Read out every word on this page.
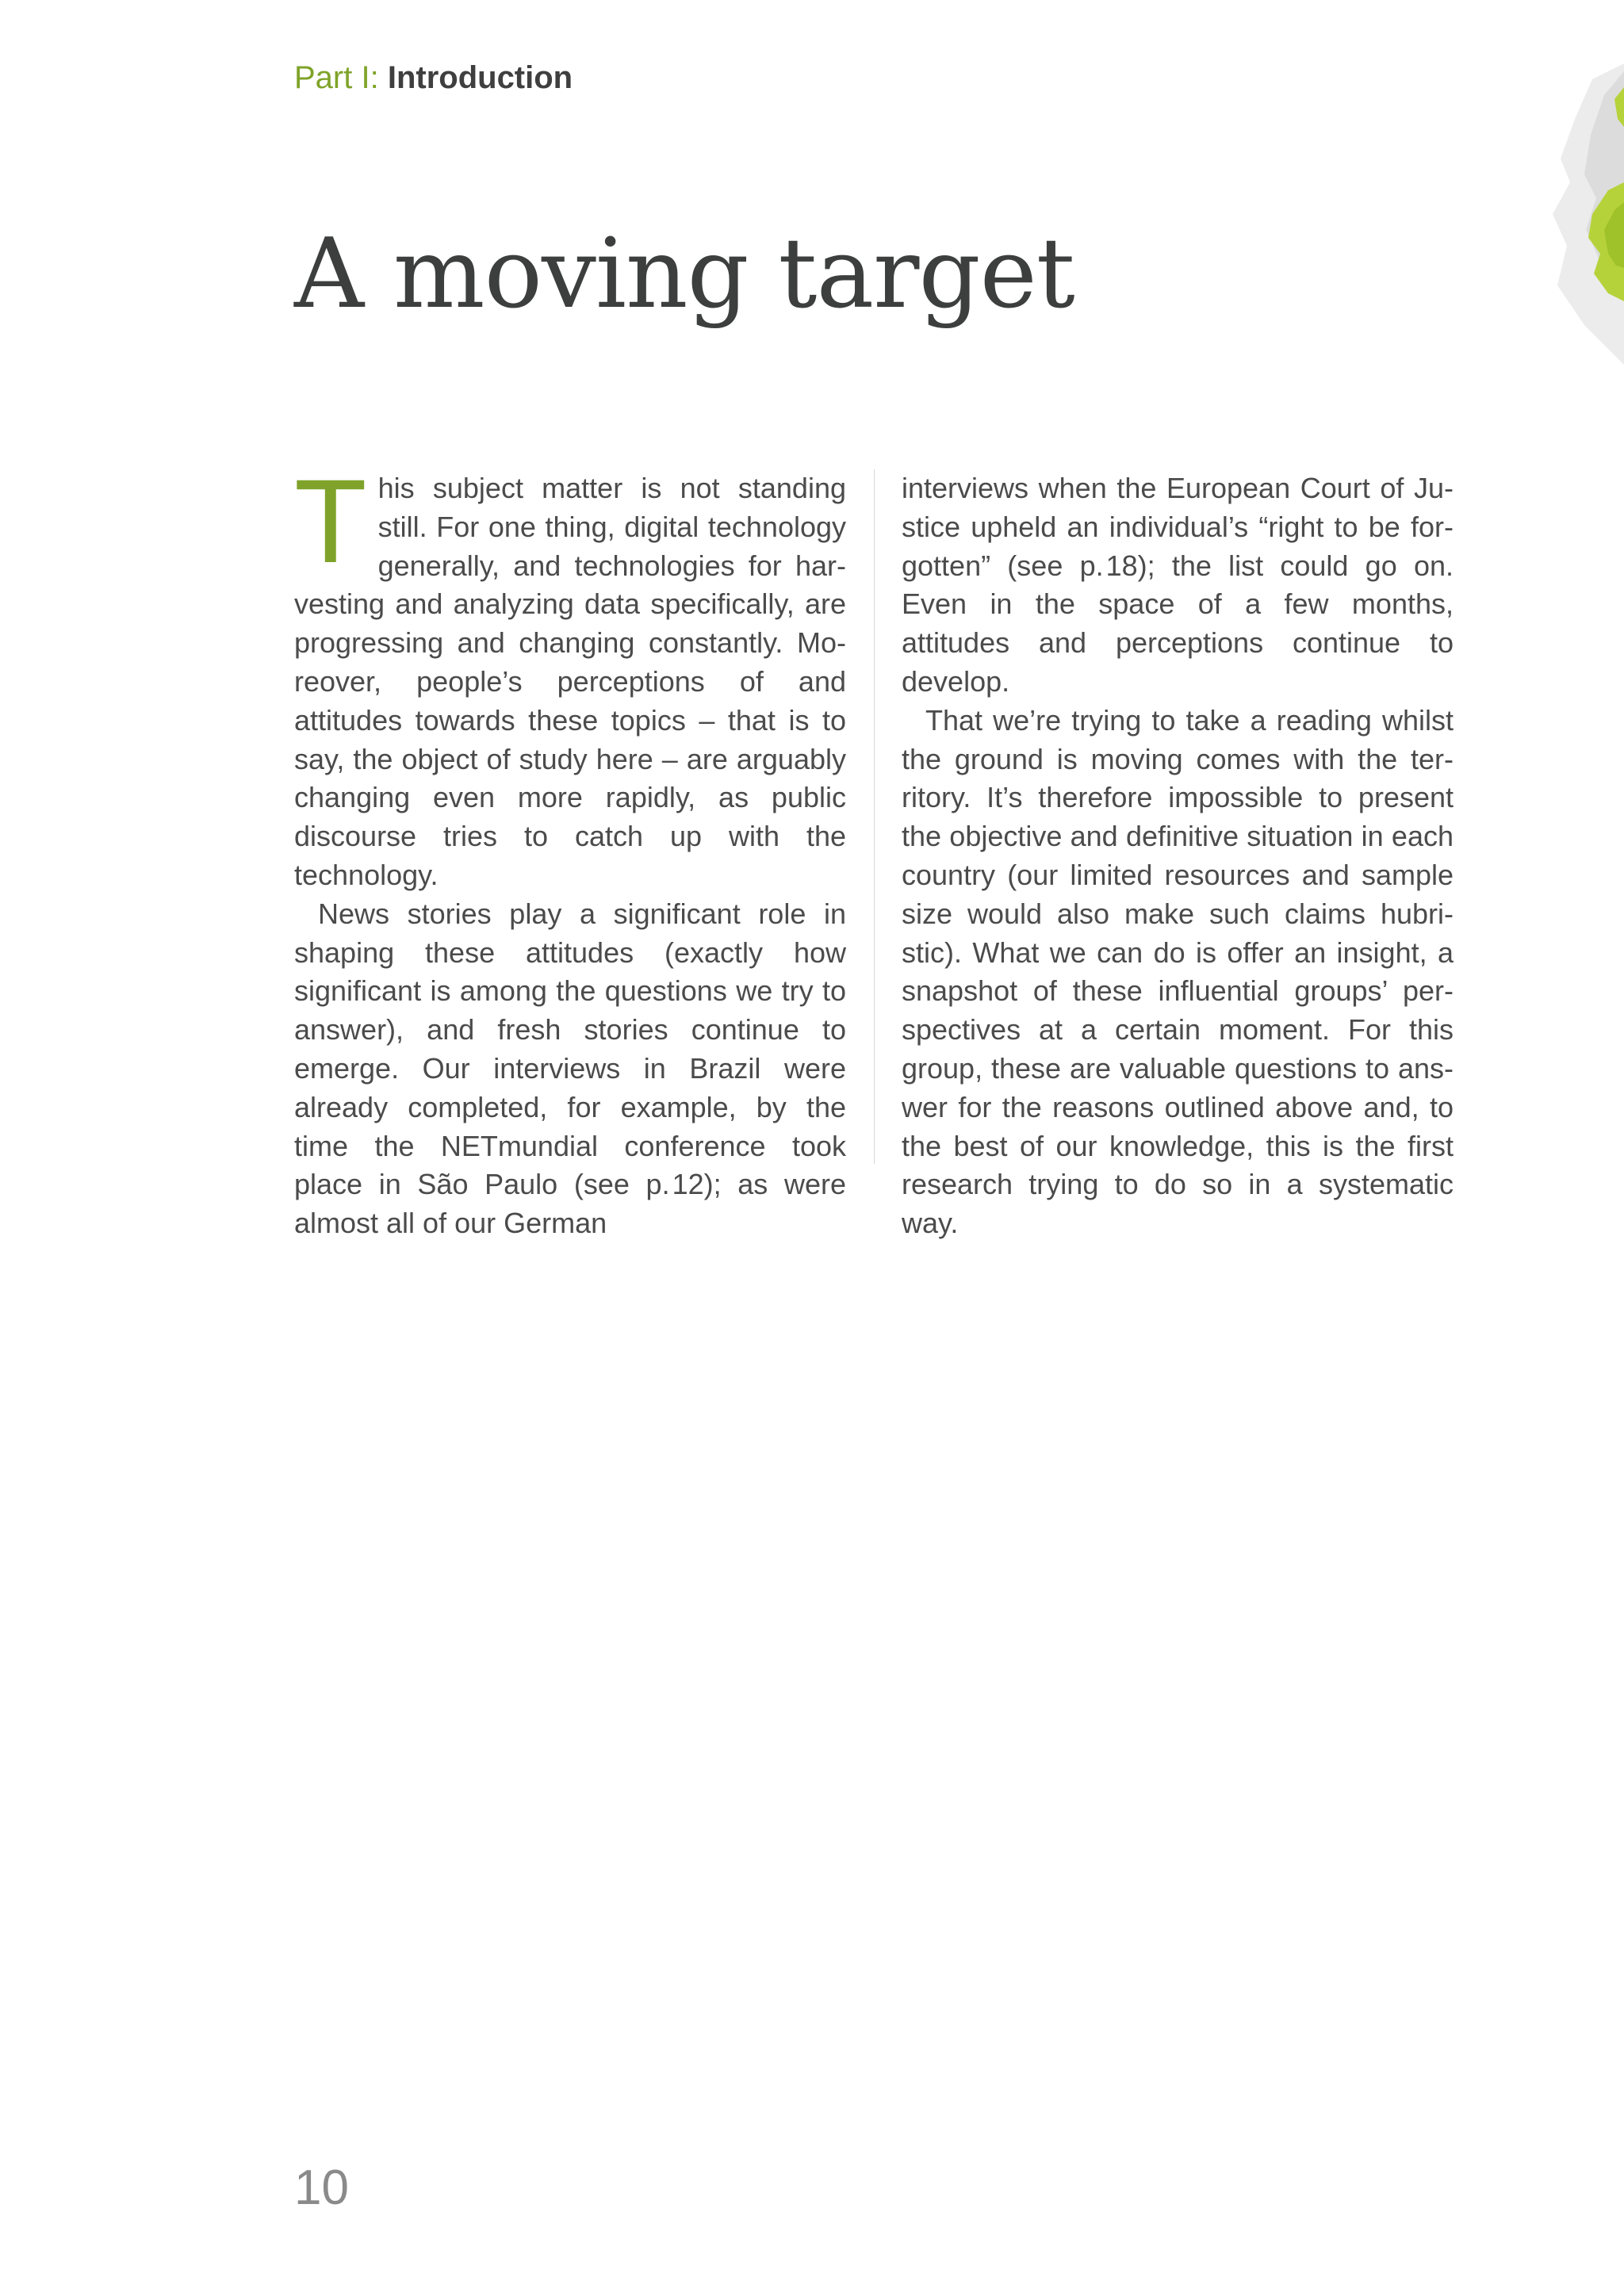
Part I: Introduction
A moving target

This subject matter is not standing still. For one thing, digital technology generally, and technologies for harvesting and analyzing data specifically, are progressing and changing constantly. Moreover, people’s perceptions of and attitudes towards these topics – that is to say, the object of study here – are arguably changing even more rapidly, as public discourse tries to catch up with the technology.

News stories play a significant role in shaping these attitudes (exactly how significant is among the questions we try to answer), and fresh stories continue to emerge. Our interviews in Brazil were already completed, for example, by the time the NETmundial conference took place in São Paulo (see p. 12); as were almost all of our German

interviews when the European Court of Justice upheld an individual’s “right to be forgotten” (see p. 18); the list could go on. Even in the space of a few months, attitudes and perceptions continue to develop.

That we’re trying to take a reading whilst the ground is moving comes with the territory. It’s therefore impossible to present the objective and definitive situation in each country (our limited resources and sample size would also make such claims hubristic). What we can do is offer an insight, a snapshot of these influential groups’ perspectives at a certain moment. For this group, these are valuable questions to answer for the reasons outlined above and, to the best of our knowledge, this is the first research trying to do so in a systematic way.

10
